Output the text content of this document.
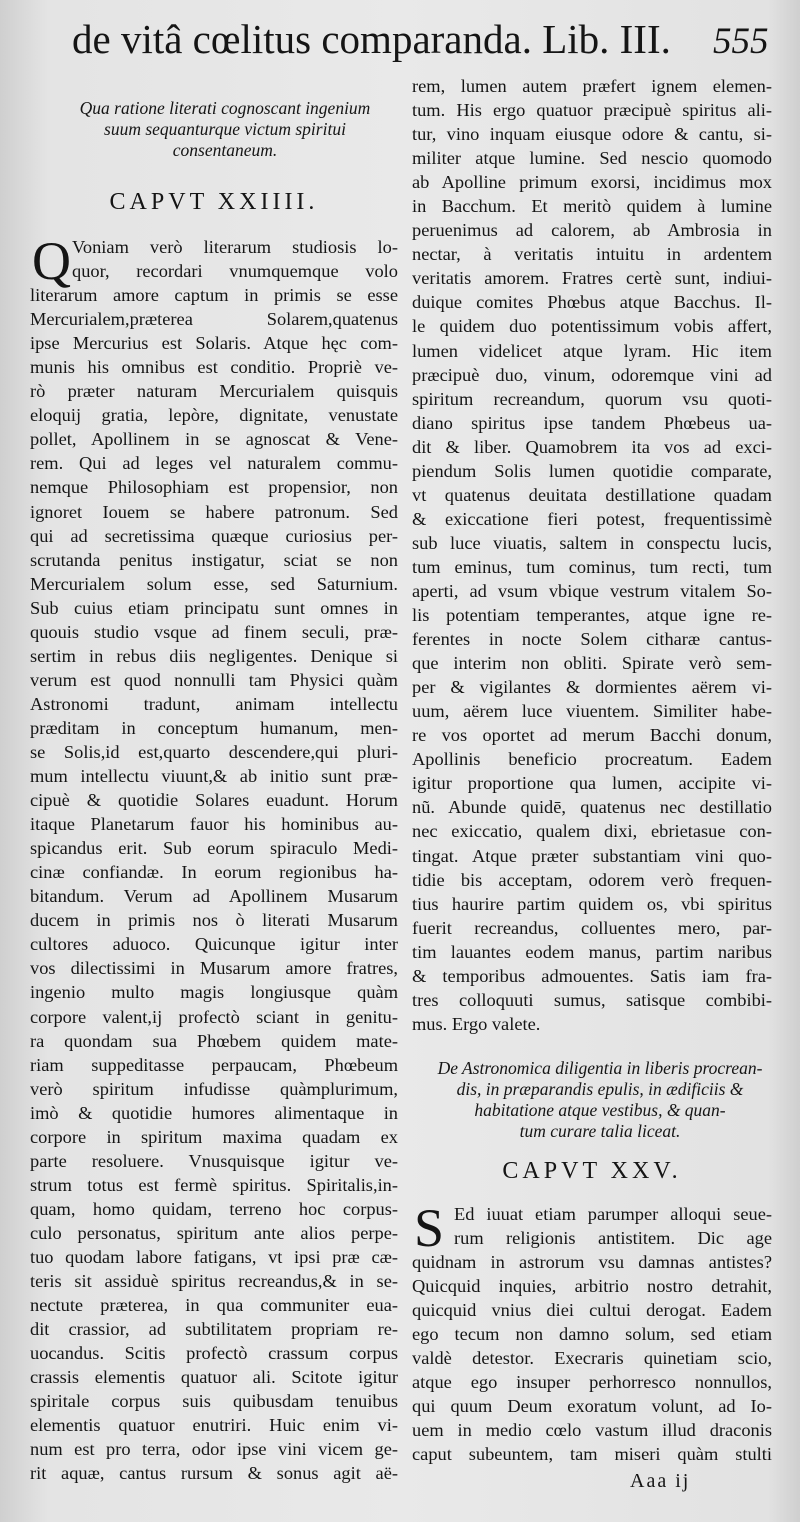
de vitâ cœlitus comparanda. Lib. III.	555
Qua ratione literati cognoscant ingenium
suum sequanturque victum spiritui
consentaneum.
CAPVT XXIIII.
Q Voniam verò literarum studiosis lo-
quor, recordari vnumquemque volo
literarum amore captum in primis se esse
Mercurialem,præterea Solarem,quatenus
ipse Mercurius est Solaris. Atque hęc com-
munis his omnibus est conditio. Propriè ve-
rò præter naturam Mercurialem quisquis
eloquij gratia, lepòre, dignitate, venustate
pollet, Apollinem in se agnoscat & Vene-
rem. Qui ad leges vel naturalem commu-
nemque Philosophiam est propensior, non
ignoret Iouem se habere patronum. Sed
qui ad secretissima quæque curiosius per-
scrutanda penitus instigatur, sciat se non
Mercurialem solum esse, sed Saturnium.
Sub cuius etiam principatu sunt omnes in
quouis studio vsque ad finem seculi, præ-
sertim in rebus diis negligentes. Denique si
verum est quod nonnulli tam Physici quàm
Astronomi tradunt, animam intellectu
præditam in conceptum humanum, men-
se Solis,id est,quarto descendere,qui pluri-
mum intellectu viuunt,& ab initio sunt præ-
cipuè & quotidie Solares euadunt. Horum
itaque Planetarum fauor his hominibus au-
spicandus erit. Sub eorum spiraculo Medi-
cinæ confiandæ. In eorum regionibus ha-
bitandum. Verum ad Apollinem Musarum
ducem in primis nos ò literati Musarum
cultores aduoco. Quicunque igitur inter
vos dilectissimi in Musarum amore fratres,
ingenio multo magis longiusque quàm
corpore valent,ij profectò sciant in genitu-
ra quondam sua Phœbem quidem mate-
riam suppeditasse perpaucam, Phœbeum
verò spiritum infudisse quàmplurimum,
imò & quotidie humores alimentaque in
corpore in spiritum maxima quadam ex
parte resoluere. Vnusquisque igitur ve-
strum totus est fermè spiritus. Spiritalis,in-
quam, homo quidam, terreno hoc corpus-
culo personatus, spiritum ante alios perpe-
tuo quodam labore fatigans, vt ipsi præ cæ-
teris sit assiduè spiritus recreandus,& in se-
nectute præterea, in qua communiter eua-
dit crassior, ad subtilitatem propriam re-
uocandus. Scitis profectò crassum corpus
crassis elementis quatuor ali. Scitote igitur
spiritale corpus suis quibusdam tenuibus
elementis quatuor enutriri. Huic enim vi-
num est pro terra, odor ipse vini vicem ge-
rit aquæ, cantus rursum & sonus agit aë-
rem, lumen autem præfert ignem elemen-
tum. His ergo quatuor præcipuè spiritus ali-
tur, vino inquam eiusque odore & cantu, si-
militer atque lumine. Sed nescio quomodo
ab Apolline primum exorsi, incidimus mox
in Bacchum. Et meritò quidem à lumine
peruenimus ad calorem, ab Ambrosia in
nectar, à veritatis intuitu in ardentem
veritatis amorem. Fratres certè sunt, indiui-
duique comites Phœbus atque Bacchus. Il-
le quidem duo potentissimum vobis affert,
lumen videlicet atque lyram. Hic item
præcipuè duo, vinum, odoremque vini ad
spiritum recreandum, quorum vsu quoti-
diano spiritus ipse tandem Phœbeus ua-
dit & liber. Quamobrem ita vos ad exci-
piendum Solis lumen quotidie comparate,
vt quatenus deuitata destillatione quadam
& exiccatione fieri potest, frequentissimè
sub luce viuatis, saltem in conspectu lucis,
tum eminus, tum cominus, tum recti, tum
aperti, ad vsum vbique vestrum vitalem So-
lis potentiam temperantes, atque igne re-
ferentes in nocte Solem citharæ cantus-
que interim non obliti. Spirate verò sem-
per & vigilantes & dormientes aërem vi-
uum, aërem luce viuentem. Similiter habe-
re vos oportet ad merum Bacchi donum,
Apollinis beneficio procreatum. Eadem
igitur proportione qua lumen, accipite vi-
nũ. Abunde quidē, quatenus nec destillatio
nec exiccatio, qualem dixi, ebrietasue con-
tingat. Atque præter substantiam vini quo-
tidie bis acceptam, odorem verò frequen-
tius haurire partim quidem os, vbi spiritus
fuerit recreandus, colluentes mero, par-
tim lauantes eodem manus, partim naribus
& temporibus admouentes. Satis iam fra-
tres colloquuti sumus, satisque combibi-
mus. Ergo valete.
De Astronomica diligentia in liberis procrean-
dis, in præparandis epulis, in ædificiis &
habitatione atque vestibus, & quan-
tum curare talia liceat.
CAPVT XXV.
S Ed iuuat etiam parumper alloqui seue-
rum religionis antistitem. Dic age
quidnam in astrorum vsu damnas antistes?
Quicquid inquies, arbitrio nostro detrahit,
quicquid vnius diei cultui derogat. Eadem
ego tecum non damno solum, sed etiam
valdè detestor. Execraris quinetiam scio,
atque ego insuper perhorresco nonnullos,
qui quum Deum exoratum volunt, ad Io-
uem in medio cœlo vastum illud draconis
caput subeuntem, tam miseri quàm stulti
Aaa ij
